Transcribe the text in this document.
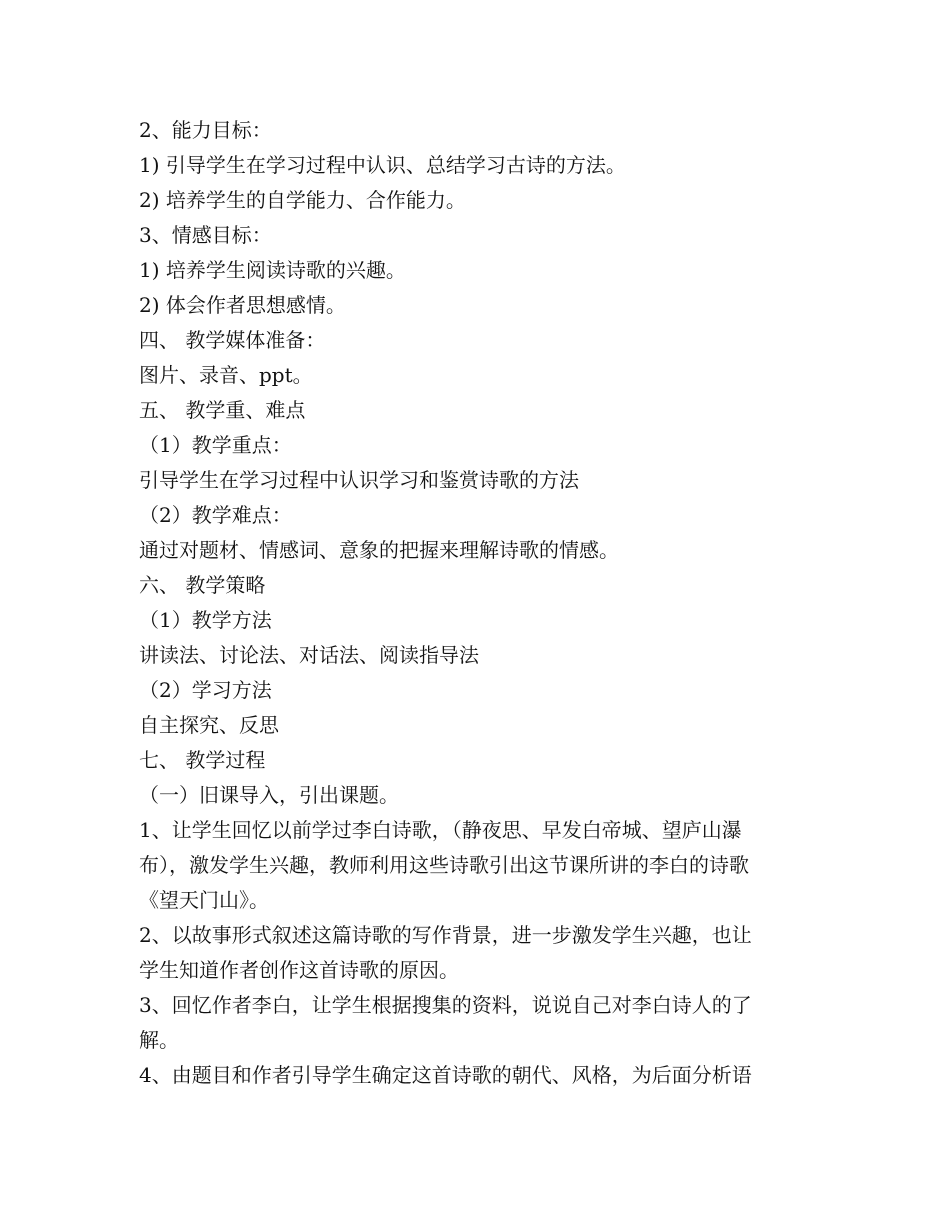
2、能力目标：
1) 引导学生在学习过程中认识、总结学习古诗的方法。
2) 培养学生的自学能力、合作能力。
3、情感目标：
1) 培养学生阅读诗歌的兴趣。
2) 体会作者思想感情。
四、 教学媒体准备：
图片、录音、ppt。
五、 教学重、难点
（1）教学重点：
引导学生在学习过程中认识学习和鉴赏诗歌的方法
（2）教学难点：
通过对题材、情感词、意象的把握来理解诗歌的情感。
六、 教学策略
（1）教学方法
讲读法、讨论法、对话法、阅读指导法
（2）学习方法
自主探究、反思
七、 教学过程
（一）旧课导入，引出课题。
1、让学生回忆以前学过李白诗歌，（静夜思、早发白帝城、望庐山瀑
布），激发学生兴趣，教师利用这些诗歌引出这节课所讲的李白的诗歌
《望天门山》。
2、以故事形式叙述这篇诗歌的写作背景，进一步激发学生兴趣，也让
学生知道作者创作这首诗歌的原因。
3、回忆作者李白，让学生根据搜集的资料，说说自己对李白诗人的了
解。
4、由题目和作者引导学生确定这首诗歌的朝代、风格，为后面分析语
